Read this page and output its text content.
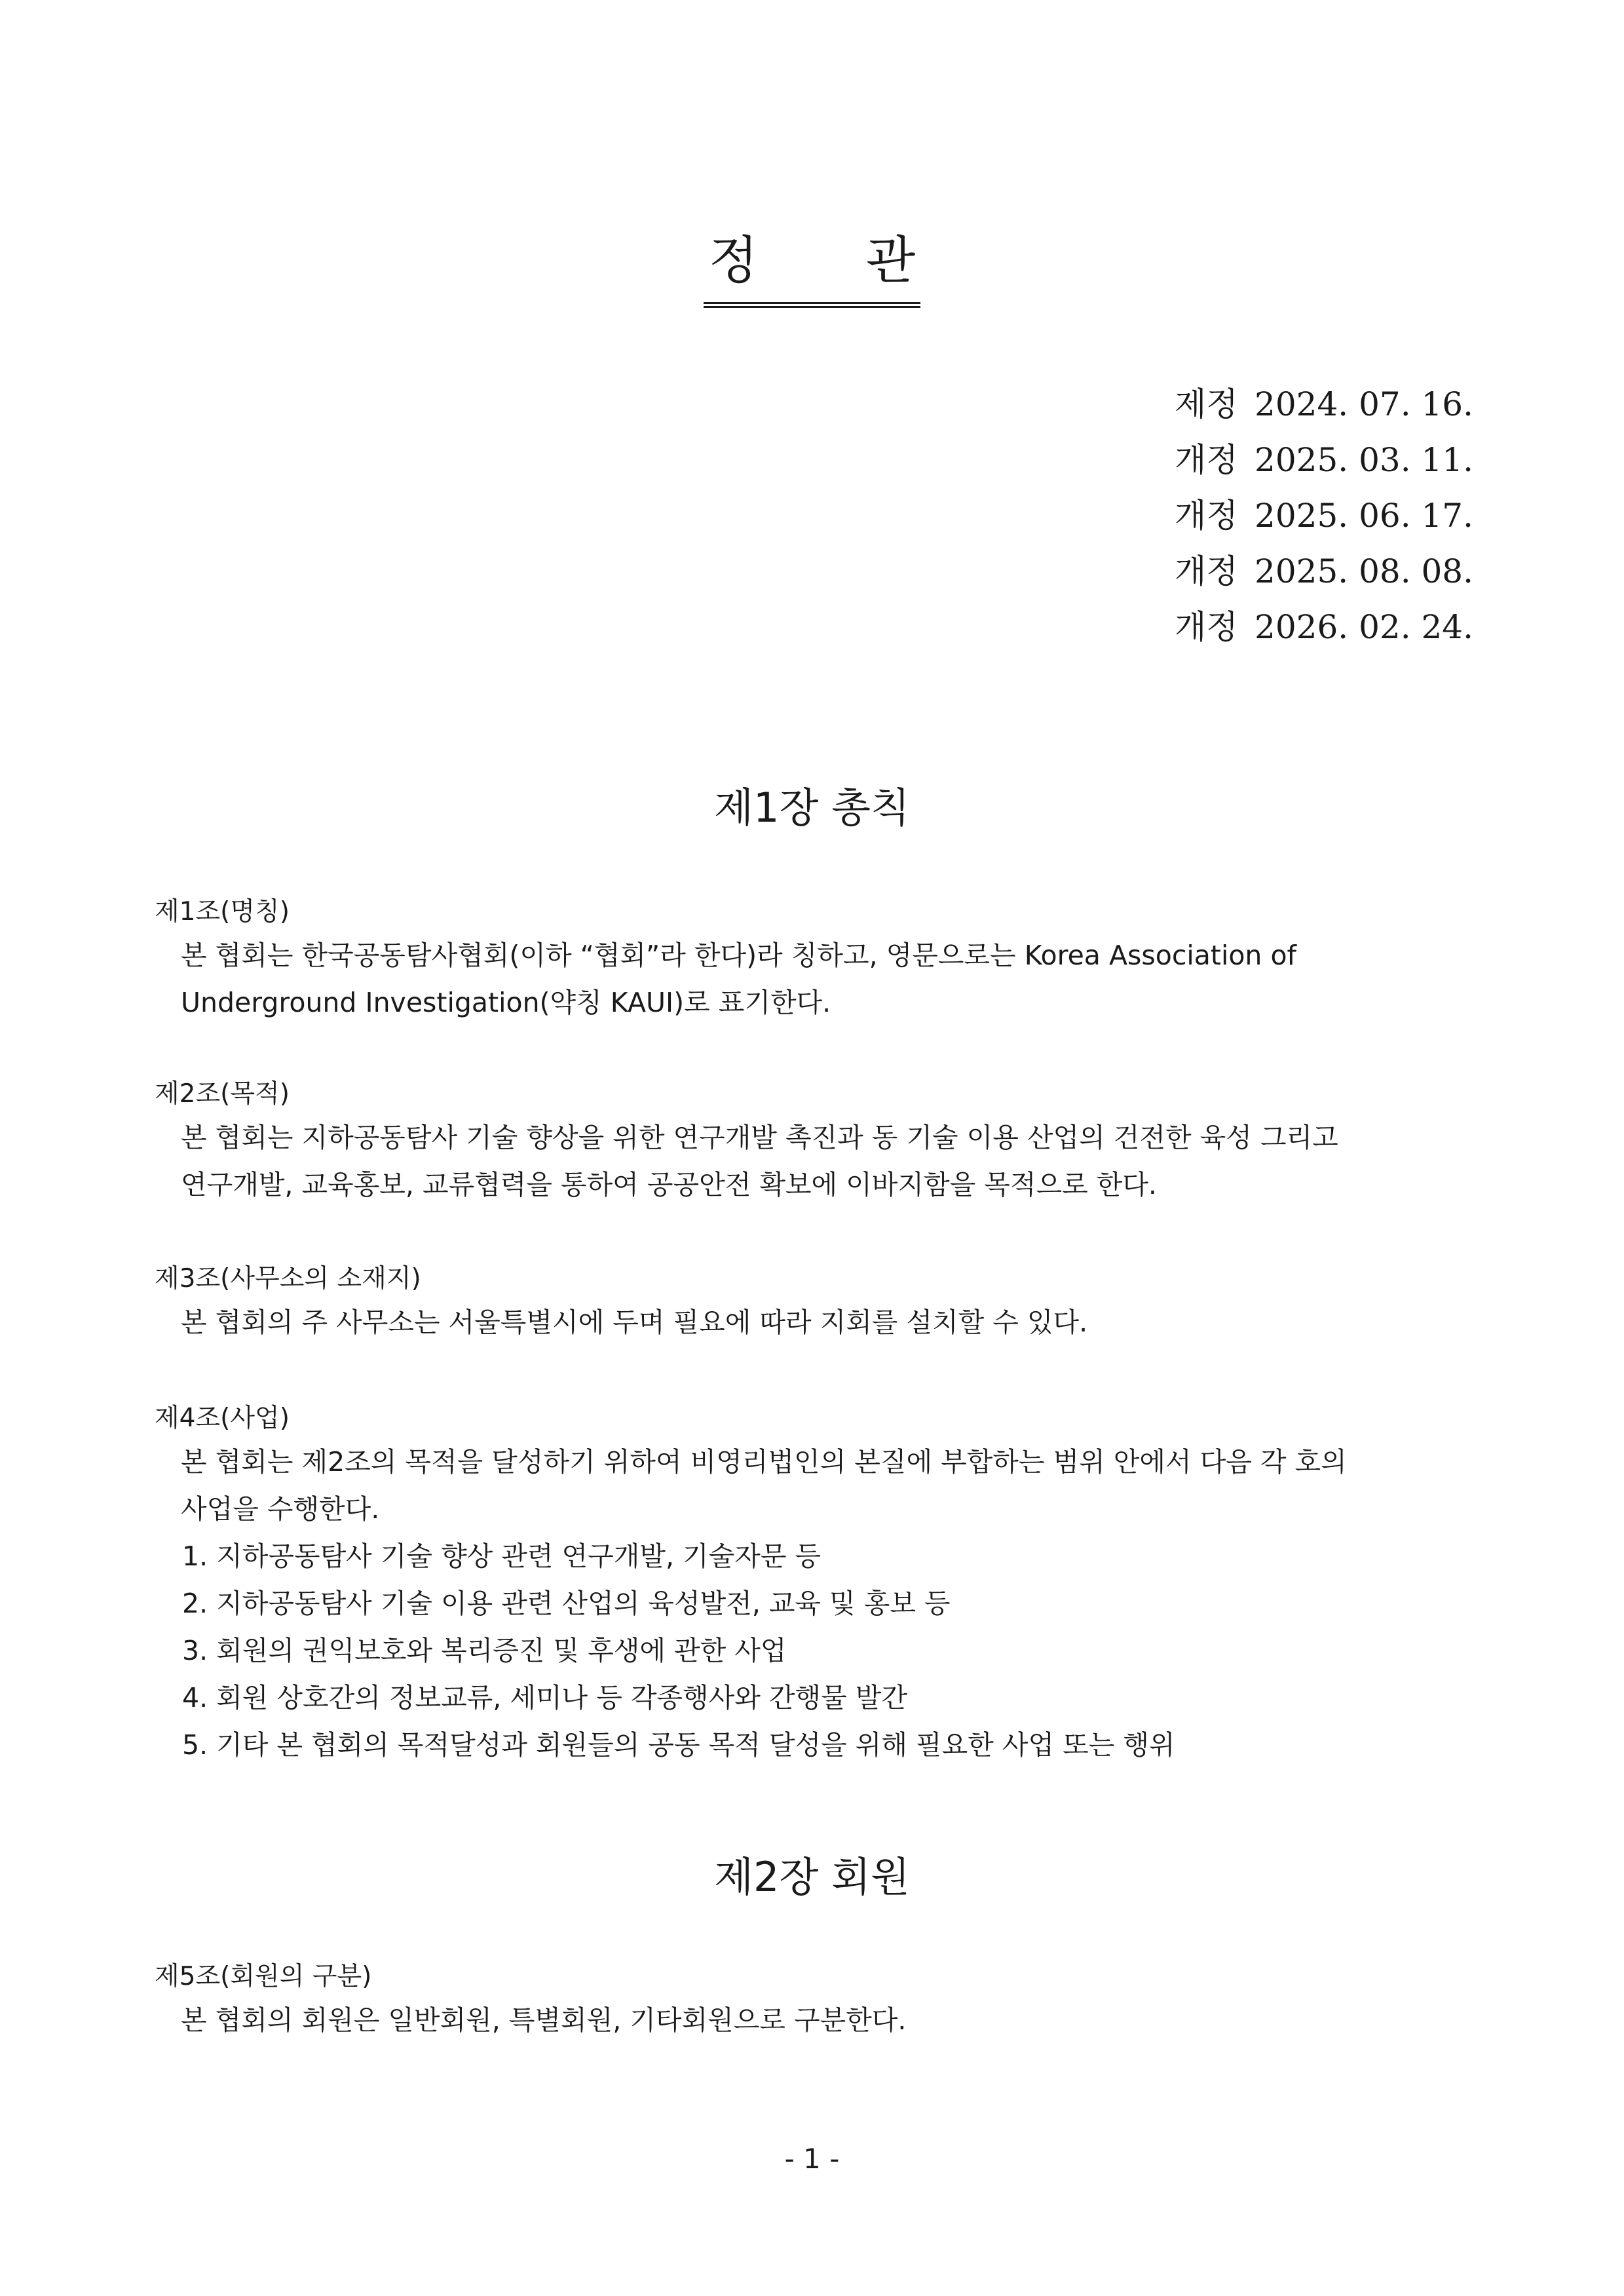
정 관
제정 2024. 07. 16.
개정 2025. 03. 11.
개정 2025. 06. 17.
개정 2025. 08. 08.
개정 2026. 02. 24.
제1장 총칙
제1조(명칭)
본 협회는 한국공동탐사협회(이하 “협회”라 한다)라 칭하고, 영문으로는 Korea Association of
Underground Investigation(약칭 KAUI)로 표기한다.
제2조(목적)
본 협회는 지하공동탐사 기술 향상을 위한 연구개발 촉진과 동 기술 이용 산업의 건전한 육성 그리고
연구개발, 교육홍보, 교류협력을 통하여 공공안전 확보에 이바지함을 목적으로 한다.
제3조(사무소의 소재지)
본 협회의 주 사무소는 서울특별시에 두며 필요에 따라 지회를 설치할 수 있다.
제4조(사업)
본 협회는 제2조의 목적을 달성하기 위하여 비영리법인의 본질에 부합하는 범위 안에서 다음 각 호의
사업을 수행한다.
1. 지하공동탐사 기술 향상 관련 연구개발, 기술자문 등
2. 지하공동탐사 기술 이용 관련 산업의 육성발전, 교육 및 홍보 등
3. 회원의 권익보호와 복리증진 및 후생에 관한 사업
4. 회원 상호간의 정보교류, 세미나 등 각종행사와 간행물 발간
5. 기타 본 협회의 목적달성과 회원들의 공동 목적 달성을 위해 필요한 사업 또는 행위
제2장 회원
제5조(회원의 구분)
본 협회의 회원은 일반회원, 특별회원, 기타회원으로 구분한다.
- 1 -
